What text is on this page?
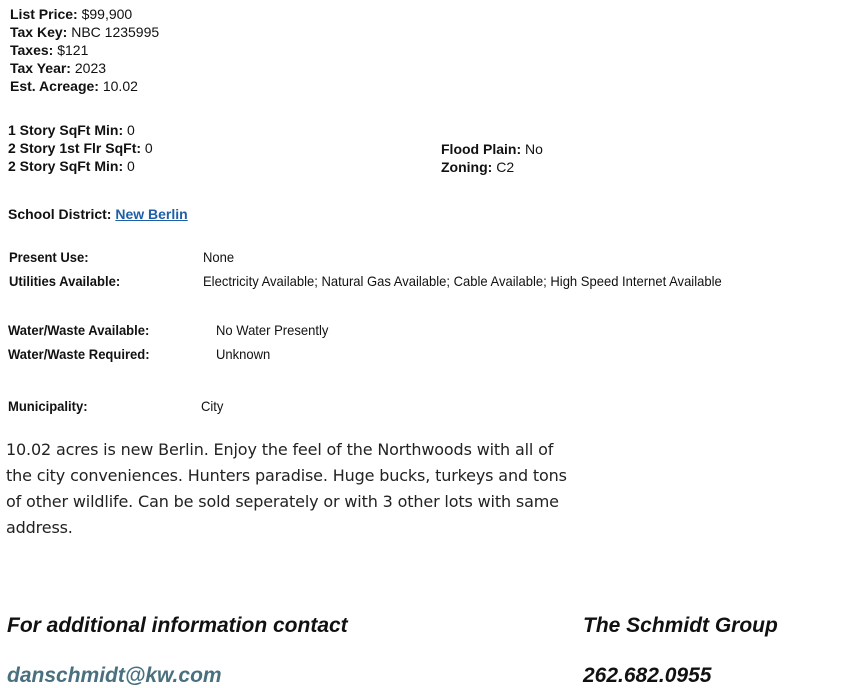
List Price: $99,900
Tax Key: NBC 1235995
Taxes: $121
Tax Year: 2023
Est. Acreage: 10.02
1 Story SqFt Min: 0
2 Story 1st Flr SqFt: 0
2 Story SqFt Min: 0
Flood Plain: No
Zoning: C2
School District: New Berlin
Present Use:	None
Utilities Available:	Electricity Available; Natural Gas Available; Cable Available; High Speed Internet Available
Water/Waste Available:	No Water Presently
Water/Waste Required:	Unknown
Municipality:	City
10.02 acres is new Berlin. Enjoy the feel of the Northwoods with all of the city conveniences. Hunters paradise. Huge bucks, turkeys and tons of other wildlife. Can be sold seperately or with 3 other lots with same address.
For additional information contact	The Schmidt Group
danschmidt@kw.com	262.682.0955
